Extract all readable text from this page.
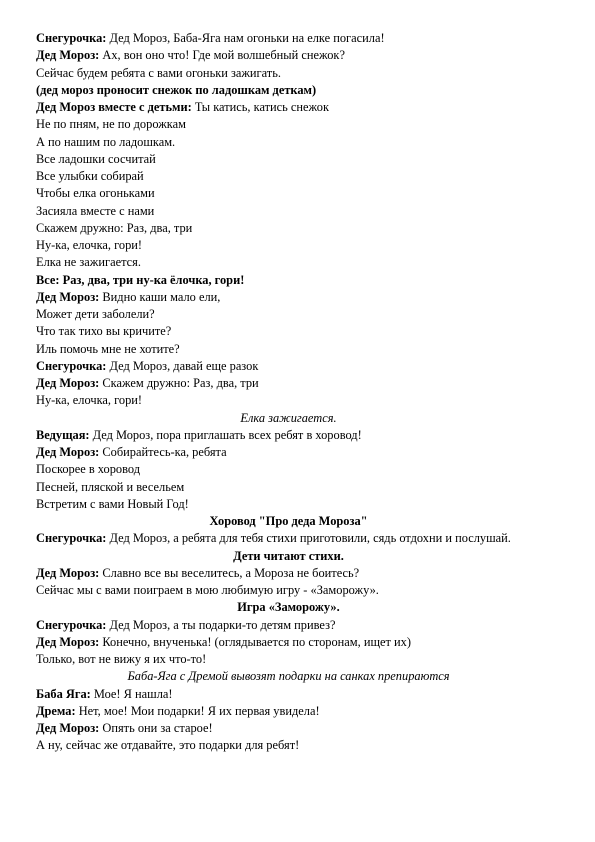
Снегурочка: Дед Мороз, Баба-Яга нам огоньки на елке погасила!
Дед Мороз: Ах, вон оно что! Где мой волшебный снежок?
Сейчас будем ребята с вами огоньки зажигать.
(дед мороз проносит снежок по ладошкам деткам)
Дед Мороз вместе с детьми: Ты катись, катись снежок
Не по пням, не по дорожкам
А по нашим по ладошкам.
Все ладошки сосчитай
Все улыбки собирай
Чтобы елка огоньками
Засияла вместе с нами
Скажем дружно: Раз, два, три
Ну-ка, елочка, гори!
Елка не зажигается.
Все: Раз, два, три ну-ка ёлочка, гори!
Дед Мороз: Видно каши мало ели,
Может дети заболели?
Что так тихо вы кричите?
Иль помочь мне не хотите?
Снегурочка: Дед Мороз, давай еще разок
Дед Мороз: Скажем дружно: Раз, два, три
Ну-ка, елочка, гори!
Елка зажигается.
Ведущая: Дед Мороз, пора приглашать всех ребят в хоровод!
Дед Мороз: Собирайтесь-ка, ребята
Поскорее в хоровод
Песней, пляской и весельем
Встретим с вами Новый Год!
Хоровод "Про деда Мороза"
Снегурочка: Дед Мороз, а ребята для тебя стихи приготовили, сядь отдохни и послушай.
Дети читают стихи.
Дед Мороз: Славно все вы веселитесь, а Мороза не боитесь?
Сейчас мы с вами поиграем в мою любимую игру - «Заморожу».
Игра «Заморожу».
Снегурочка: Дед Мороз, а ты подарки-то детям привез?
Дед Мороз: Конечно, внученька! (оглядывается по сторонам, ищет их)
Только, вот не вижу я их что-то!
Баба-Яга с Дремой вывозят подарки на санках препираются
Баба Яга: Мое! Я нашла!
Дрема: Нет, мое! Мои подарки! Я их первая увидела!
Дед Мороз: Опять они за старое!
А ну, сейчас же отдавайте, это подарки для ребят!
